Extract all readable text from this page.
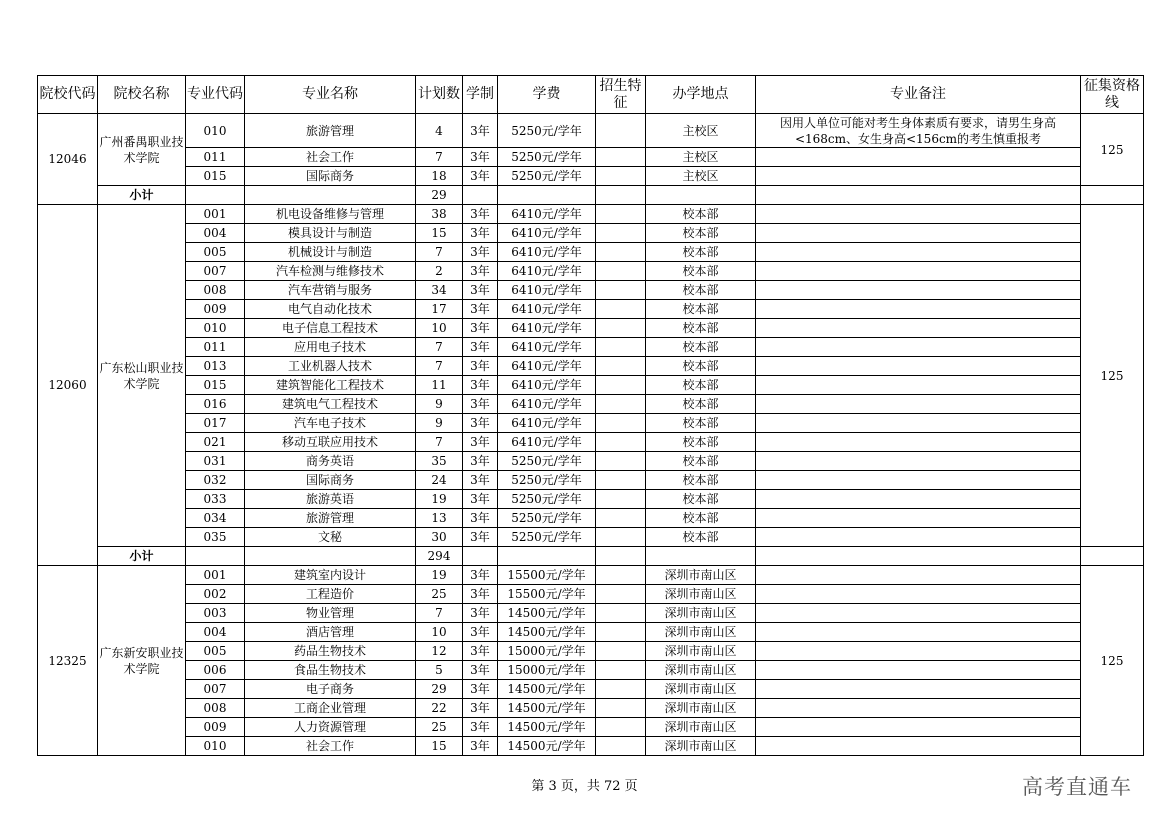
院校代码	院校名称	专业代码	专业名称	计划数	学制	学费	招生特征	办学地点	专业备注	征集资格线
12046	广州番禺职业技术学院	010	旅游管理	4	3年	5250元/学年		主校区	因用人单位可能对考生身体素质有要求，请男生身高<168cm、女生身高<156cm的考生慎重报考	125
		011	社会工作	7	3年	5250元/学年		主校区		
		015	国际商务	18	3年	5250元/学年		主校区		
	小计			29						
12060	广东松山职业技术学院	001	机电设备维修与管理	38	3年	6410元/学年		校本部		125
		004	模具设计与制造	15	3年	6410元/学年		校本部		
		005	机械设计与制造	7	3年	6410元/学年		校本部		
		007	汽车检测与维修技术	2	3年	6410元/学年		校本部		
		008	汽车营销与服务	34	3年	6410元/学年		校本部		
		009	电气自动化技术	17	3年	6410元/学年		校本部		
		010	电子信息工程技术	10	3年	6410元/学年		校本部		
		011	应用电子技术	7	3年	6410元/学年		校本部		
		013	工业机器人技术	7	3年	6410元/学年		校本部		
		015	建筑智能化工程技术	11	3年	6410元/学年		校本部		
		016	建筑电气工程技术	9	3年	6410元/学年		校本部		
		017	汽车电子技术	9	3年	6410元/学年		校本部		
		021	移动互联应用技术	7	3年	6410元/学年		校本部		
		031	商务英语	35	3年	5250元/学年		校本部		
		032	国际商务	24	3年	5250元/学年		校本部		
		033	旅游英语	19	3年	5250元/学年		校本部		
		034	旅游管理	13	3年	5250元/学年		校本部		
		035	文秘	30	3年	5250元/学年		校本部		
	小计			294						
12325	广东新安职业技术学院	001	建筑室内设计	19	3年	15500元/学年		深圳市南山区		125
		002	工程造价	25	3年	15500元/学年		深圳市南山区		
		003	物业管理	7	3年	14500元/学年		深圳市南山区		
		004	酒店管理	10	3年	14500元/学年		深圳市南山区		
		005	药品生物技术	12	3年	15000元/学年		深圳市南山区		
		006	食品生物技术	5	3年	15000元/学年		深圳市南山区		
		007	电子商务	29	3年	14500元/学年		深圳市南山区		
		008	工商企业管理	22	3年	14500元/学年		深圳市南山区		
		009	人力资源管理	25	3年	14500元/学年		深圳市南山区		
		010	社会工作	15	3年	14500元/学年		深圳市南山区		
第 3 页，共 72 页	高考直通车
